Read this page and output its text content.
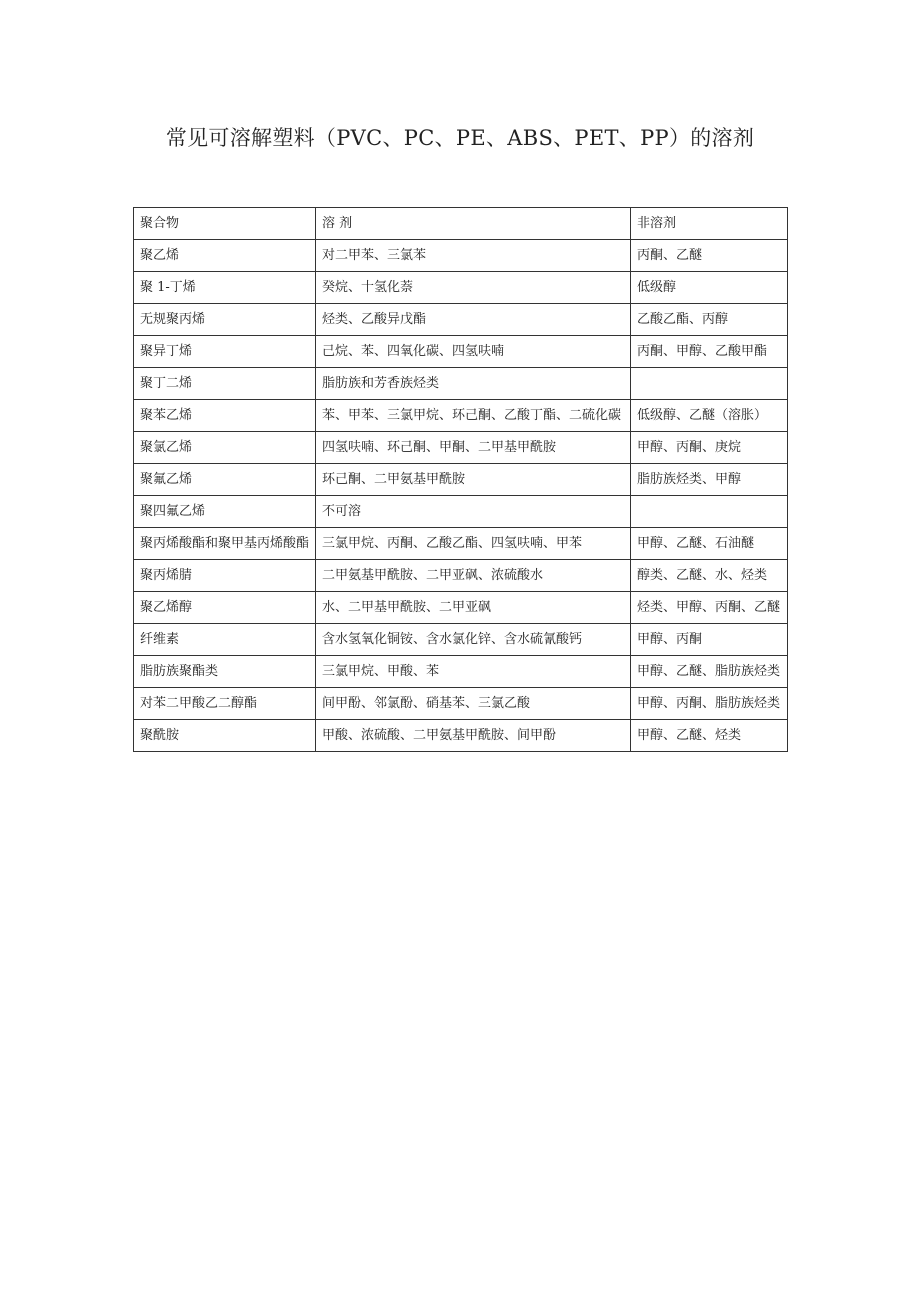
常见可溶解塑料（PVC、PC、PE、ABS、PET、PP）的溶剂
聚合物	溶 剂	非溶剂
聚乙烯	对二甲苯、三氯苯	丙酮、乙醚
聚 1-丁烯	癸烷、十氢化萘	低级醇
无规聚丙烯	烃类、乙酸异戊酯	乙酸乙酯、丙醇
聚异丁烯	己烷、苯、四氧化碳、四氢呋喃	丙酮、甲醇、乙酸甲酯
聚丁二烯	脂肪族和芳香族烃类	
聚苯乙烯	苯、甲苯、三氯甲烷、环己酮、乙酸丁酯、二硫化碳	低级醇、乙醚（溶胀）
聚氯乙烯	四氢呋喃、环己酮、甲酮、二甲基甲酰胺	甲醇、丙酮、庚烷
聚氟乙烯	环己酮、二甲氨基甲酰胺	脂肪族烃类、甲醇
聚四氟乙烯	不可溶	
聚丙烯酸酯和聚甲基丙烯酸酯	三氯甲烷、丙酮、乙酸乙酯、四氢呋喃、甲苯	甲醇、乙醚、石油醚
聚丙烯腈	二甲氨基甲酰胺、二甲亚砜、浓硫酸水	醇类、乙醚、水、烃类
聚乙烯醇	水、二甲基甲酰胺、二甲亚砜	烃类、甲醇、丙酮、乙醚
纤维素	含水氢氧化铜铵、含水氯化锌、含水硫氰酸钙	甲醇、丙酮
脂肪族聚酯类	三氯甲烷、甲酸、苯	甲醇、乙醚、脂肪族烃类
对苯二甲酸乙二醇酯	间甲酚、邻氯酚、硝基苯、三氯乙酸	甲醇、丙酮、脂肪族烃类
聚酰胺	甲酸、浓硫酸、二甲氨基甲酰胺、间甲酚	甲醇、乙醚、烃类
